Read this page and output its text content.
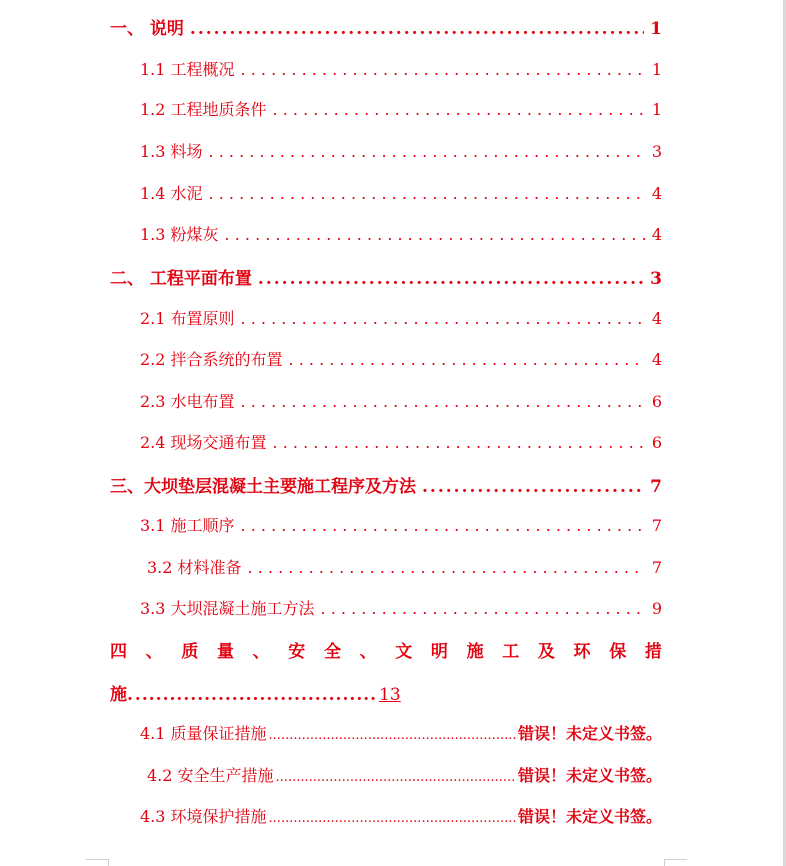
一、 说明 .....	1
1.1 工程概况 . . .	1
1.2 工程地质条件 . . .	1
1.3 料场 . . .	3
1.4 水泥 . . .	4
1.3 粉煤灰 . . .	4
二、 工程平面布置 .....	3
2.1 布置原则 . . .	4
2.2 拌合系统的布置 . . .	4
2.3 水电布置 . . .	6
2.4 现场交通布置 . . .	6
三、大坝垫层混凝土主要施工程序及方法 .....	7
3.1 施工顺序 . . .	7
3.2 材料准备 . . .	7
3.3 大坝混凝土施工方法 . . .	9
四 、 质 量 、 安 全 、 文 明 施 工 及 环 保 措
施. .....	13
4.1 质量保证措施 .....	错误！未定义书签。
4.2 安全生产措施 .....	错误！未定义书签。
4.3 环境保护措施 .....	错误！未定义书签。
